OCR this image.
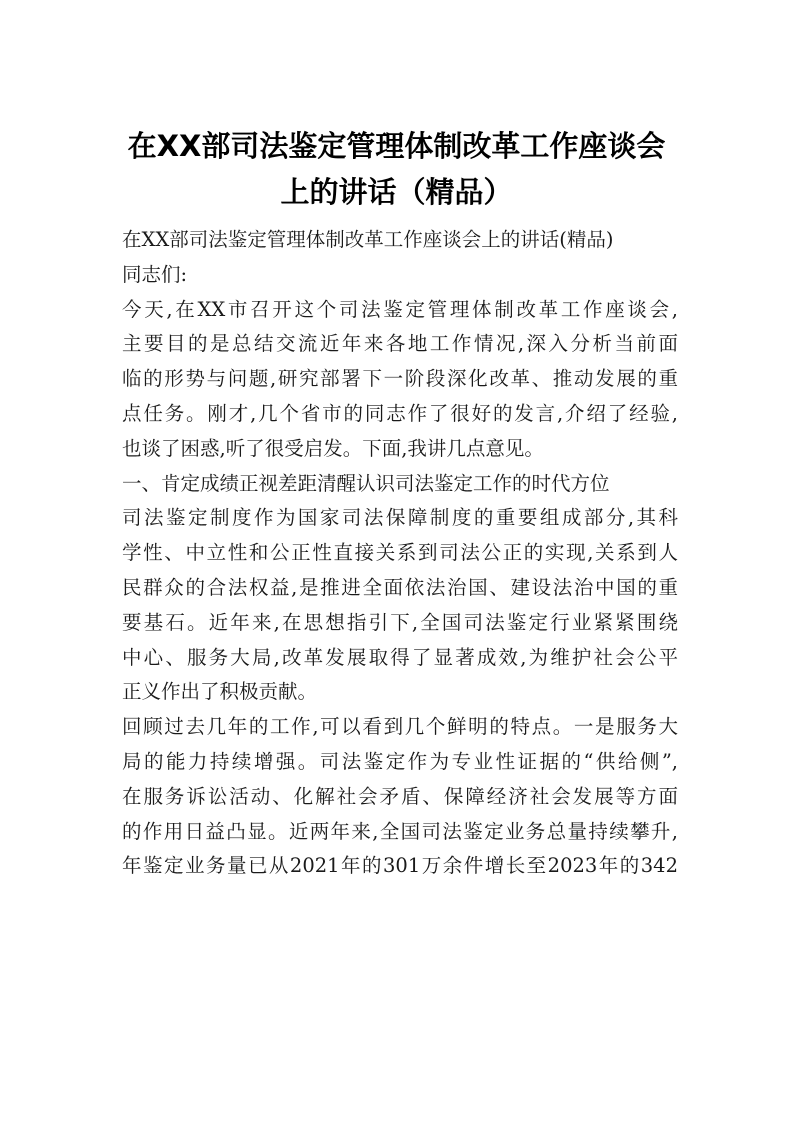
在XX部司法鉴定管理体制改革工作座谈会
上的讲话（精品）
在XX部司法鉴定管理体制改革工作座谈会上的讲话(精品)
同志们:
今天,在XX市召开这个司法鉴定管理体制改革工作座谈会,
主要目的是总结交流近年来各地工作情况,深入分析当前面
临的形势与问题,研究部署下一阶段深化改革、推动发展的重
点任务。刚才,几个省市的同志作了很好的发言,介绍了经验,
也谈了困惑,听了很受启发。下面,我讲几点意见。
一、肯定成绩正视差距清醒认识司法鉴定工作的时代方位
司法鉴定制度作为国家司法保障制度的重要组成部分,其科
学性、中立性和公正性直接关系到司法公正的实现,关系到人
民群众的合法权益,是推进全面依法治国、建设法治中国的重
要基石。近年来,在思想指引下,全国司法鉴定行业紧紧围绕
中心、服务大局,改革发展取得了显著成效,为维护社会公平
正义作出了积极贡献。
回顾过去几年的工作,可以看到几个鲜明的特点。一是服务大
局的能力持续增强。司法鉴定作为专业性证据的“供给侧”,
在服务诉讼活动、化解社会矛盾、保障经济社会发展等方面
的作用日益凸显。近两年来,全国司法鉴定业务总量持续攀升,
年鉴定业务量已从2021年的301万余件增长至2023年的342
